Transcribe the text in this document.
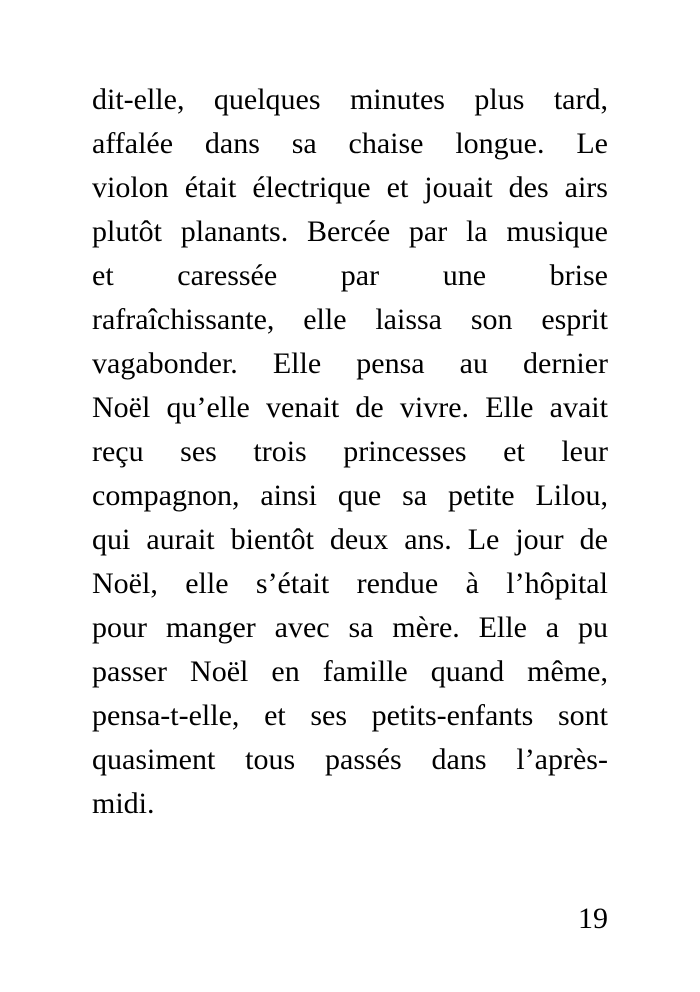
dit-elle, quelques minutes plus tard,
affalée dans sa chaise longue. Le
violon était électrique et jouait des airs
plutôt planants. Bercée par la musique
et caressée par une brise
rafraîchissante, elle laissa son esprit
vagabonder. Elle pensa au dernier
Noël qu’elle venait de vivre. Elle avait
reçu ses trois princesses et leur
compagnon, ainsi que sa petite Lilou,
qui aurait bientôt deux ans. Le jour de
Noël, elle s’était rendue à l’hôpital
pour manger avec sa mère. Elle a pu
passer Noël en famille quand même,
pensa-t-elle, et ses petits-enfants sont
quasiment tous passés dans l’après-
midi.
19
